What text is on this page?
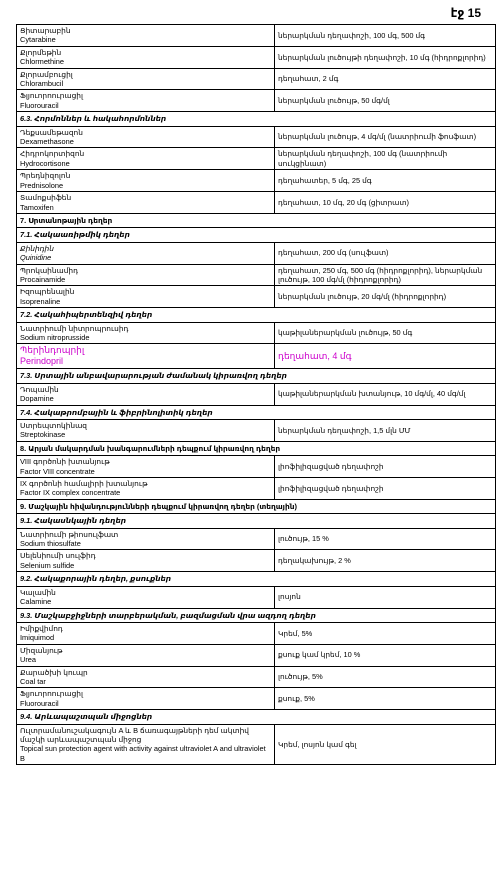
էջ 15
Ցիտարաբին
Cytarabine	ներարկման դեղափոշի, 100 մգ, 500 մգ

Քլորմեթին
Chlormethine	ներարկման լուծույթի դեղափոշի, 10 մգ (հիդրոքլորիդ)

Քլորամբուցիլ
Chlorambucil	դեղահատ, 2 մգ

Ֆլյուորոուրացիլ
Fluorouracil	ներարկման լուծույթ, 50 մգ/մլ
6.3. Հորմոններ և հակահորմոններ	

Դեքսամեթազոն
Dexamethasone	ներարկման լուծույթ, 4 մգ/մլ (նատրիումի ֆոսֆատ)

Հիդրոկորտիզոն
Hydrocortisone	ներարկման դեղափոշի, 100 մգ (նատրիումի սուկցինատ)

Պրեդնիզոլոն
Prednisolone	դեղահատեր, 5 մգ, 25 մգ

Տամոքսիֆեն
Tamoxifen	դեղահատ, 10 մգ, 20 մգ (ցիտրատ)
7. Սրտանոթային դեղեր	
7.1. Հակաառիթմիկ դեղեր	

Քինիդին
Quinidine	դեղահատ, 200 մգ (սուլֆատ)

Պրոկաինամիդ
Procainamide	դեղահատ, 250 մգ, 500 մգ (հիդրոքլորիդ), ներարկման լուծույթ, 100 մգ/մլ (հիդրոքլորիդ)

Իզոպրենալին
Isoprenaline	ներարկման լուծույթ, 20 մգ/մլ (հիդրոքլորիդ)
7.2. Հակահիպերտենզիվ դեղեր	

Նատրիումի նիտրոպրուսիդ
Sodium nitroprusside	կաթիլաներարկման լուծույթ, 50 մգ

Պերինդոպրիլ
Perindopril	դեղահատ, 4 մգ
7.3. Սրտային անբավարարության ժամանակ կիրառվող դեղեր	

Դոպամին
Dopamine	կաթիլաներարկման խտանյութ, 10 մգ/մլ, 40 մգ/մլ
7.4. Հակաթրոմբային և ֆիբրինոլիտիկ դեղեր	

Ստրեպտոկինազ
Streptokinase	ներարկման դեղափոշի, 1,5 մլն ՄՄ
8. Արյան մակարդման խանգարումների դեպքում կիրառվող դեղեր	

VIII գործոնի խտանյութ
Factor VIII concentrate	լիոֆիլիզացված դեղափոշի

IX գործոնի համալիրի խտանյութ
Factor IX complex concentrate	լիոֆիլիզացված դեղափոշի
9. Մաշկային հիվանդությունների դեպքում կիրառվող դեղեր (տեղային)	
9.1. Հակասնկային դեղեր	

Նատրիումի թիոսուլֆատ
Sodium thiosulfate	լուծույթ, 15 %

Սելենիումի սուլֆիդ
Selenium sulfide	դեղակախույթ, 2 %
9.2. Հակաքորային դեղեր, քսուքներ	

Կալամին
Calamine	լոսյոն
9.3. Մաշկաբջիջների տարբերակման, բազմացման վրա ազդող դեղեր	

Իմիքվիմոդ
Imiquimod	Կրեմ, 5%

Միզանյութ
Urea	քսուք կամ կրեմ, 10 %

Քարածխի կուպր
Coal tar	լուծույթ, 5%

Ֆլյուորոուրացիլ
Fluorouracil	քսուք, 5%
9.4. Արևապաշտպան միջոցներ	

Ուլտրամանուշակագույն A և B ճառագայթների դեմ ակտիվ մաշկի արևապաշտպան միջոց
Topical sun protection agent with activity against ultraviolet A and ultraviolet B	Կրեմ, լոսյոն կամ գել
